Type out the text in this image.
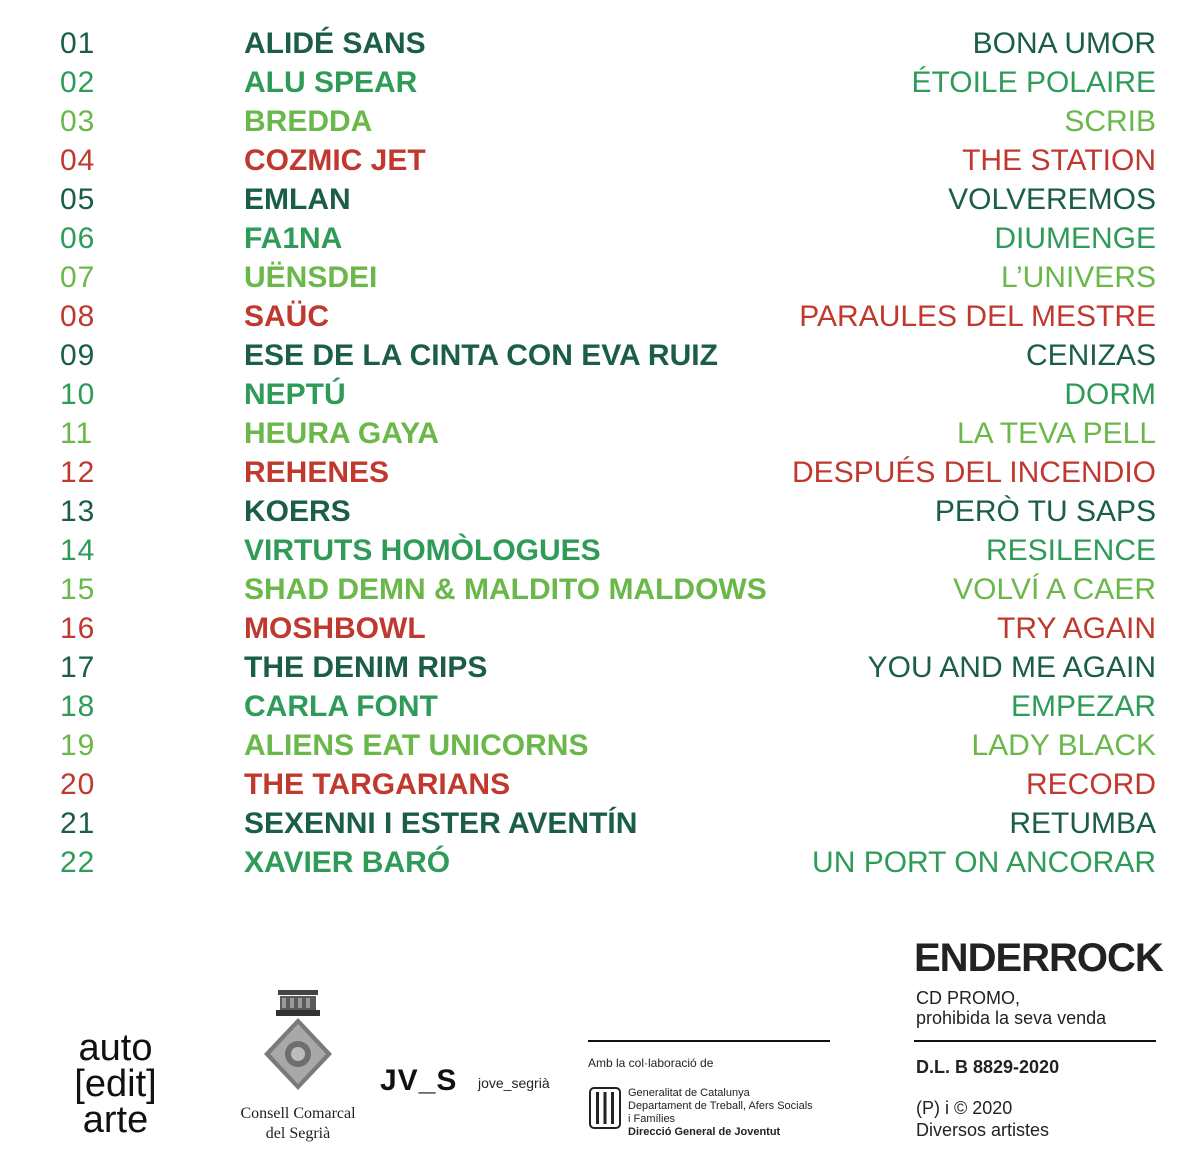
01	ALIDÉ SANS	BONA UMOR
02	ALU SPEAR	ÉTOILE POLAIRE
03	BREDDA	SCRIB
04	COZMIC JET	THE STATION
05	EMLAN	VOLVEREMOS
06	FA1NA	DIUMENGE
07	UËNSDEI	L’UNIVERS
08	SAÜC	PARAULES DEL MESTRE
09	ESE DE LA CINTA CON EVA RUIZ	CENIZAS
10	NEPTÚ	DORM
11	HEURA GAYA	LA TEVA PELL
12	REHENES	DESPUÉS DEL INCENDIO
13	KOERS	PERÒ TU SAPS
14	VIRTUTS HOMÒLOGUES	RESILENCE
15	SHAD DEMN & MALDITO MALDOWS	VOLVÍ A CAER
16	MOSHBOWL	TRY AGAIN
17	THE DENIM RIPS	YOU AND ME AGAIN
18	CARLA FONT	EMPEZAR
19	ALIENS EAT UNICORNS	LADY BLACK
20	THE TARGARIANS	RECORD
21	SEXENNI I ESTER AVENTÍN	RETUMBA
22	XAVIER BARÓ	UN PORT ON ANCORAR
auto
[edit]
arte	Consell Comarcal
del Segrià
JV_S jove_segrià
Amb la col·laboració de
Generalitat de Catalunya
Departament de Treball, Afers Socials
i Famílies
Direcció General de Joventut
ENDERROCK
CD PROMO,
prohibida la seva venda
D.L. B 8829-2020
(P) i © 2020
Diversos artistes
